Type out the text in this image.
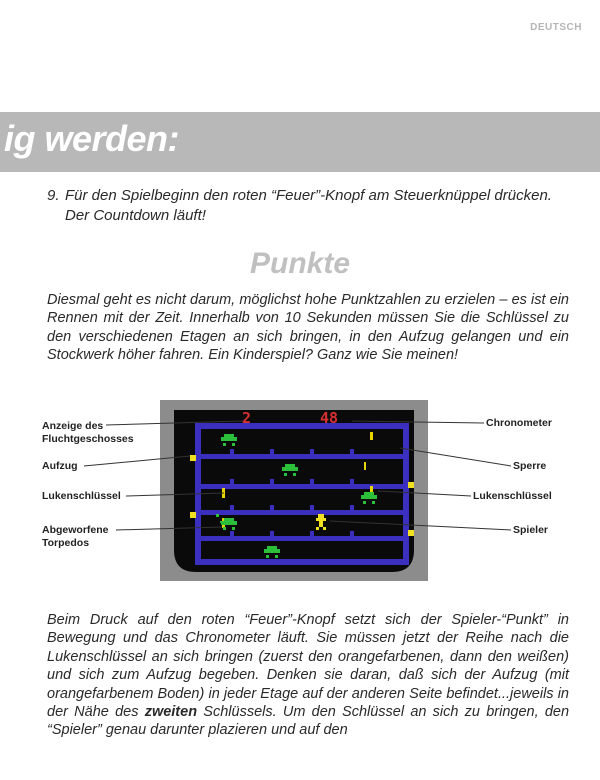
DEUTSCH
ig werden:
9. Für den Spielbeginn den roten “Feuer”-Knopf am Steuerknüppel drücken. Der Countdown läuft!
Punkte
Diesmal geht es nicht darum, möglichst hohe Punktzahlen zu erzielen – es ist ein Rennen mit der Zeit. Innerhalb von 10 Sekunden müssen Sie die Schlüssel zu den verschiedenen Etagen an sich bringen, in den Aufzug gelangen und ein Stockwerk höher fahren. Ein Kinderspiel? Ganz wie Sie meinen!
2	48
Anzeige des
Fluchtgeschosses
Aufzug
Lukenschlüssel
Abgeworfene
Torpedos
Chronometer
Sperre
Lukenschlüssel
Spieler
Beim Druck auf den roten “Feuer”-Knopf setzt sich der Spieler-“Punkt” in Bewegung und das Chronometer läuft. Sie müssen jetzt der Reihe nach die Lukenschlüssel an sich bringen (zuerst den orangefarbenen, dann den weißen) und sich zum Aufzug begeben. Denken sie daran, daß sich der Aufzug (mit orangefarbenem Boden) in jeder Etage auf der anderen Seite befindet...jeweils in der Nähe des zweiten Schlüssels. Um den Schlüssel an sich zu bringen, den “Spieler” genau darunter plazieren und auf den
